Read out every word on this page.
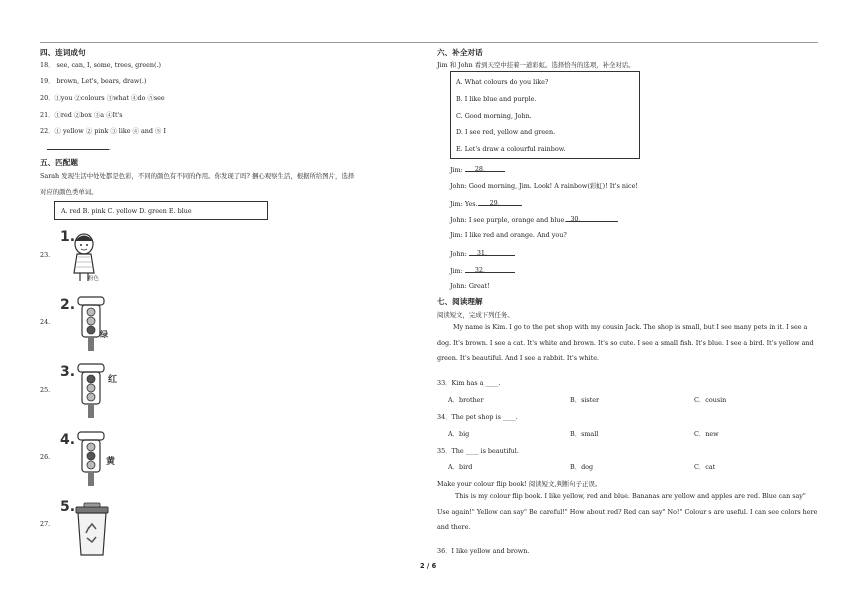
四、连词成句
18． see, can, I, some, trees, green(.)
19． brown, Let's, bears, draw(.)
20．①you ②colours ③what ④do ⑤see
21．①red ②box ③a ④It's
22．① yellow ② pink ③ like ④ and ⑤ I
.
五、匹配题
Sarah 发现生活中处处都是色彩，不同的颜色有不同的作用。你发现了吗? 捆心观察生活，根据所给图片，选择
对应的颜色类单词。
A. red B. pink C. yellow D. green E. blue
23.
24.
25.
26.
27.
1.
粉色
2.
绿
3.	红
4.
黄
5.
六、补全对话
Jim 和 John 看到天空中挂着一道彩虹。选择恰当的选项，补全对话。
A. What colours do you like?
B. I like blue and purple.
C. Good morning, John.
D. I see red, yellow and green.
E. Let's draw a colourful rainbow.
Jim: 28．
John: Good morning, Jim. Look! A rainbow(彩虹)! It's nice!
Jim: Yes. 29．
John: I see purple, orange and blue. 30．
Jim: I like red and orange. And you?
John: 31．
Jim: 32．
John: Great!
七、阅读理解
阅读短文，完成下列任务。
My name is Kim. I go to the pet shop with my cousin Jack. The shop is small, but I see many pets in it. I see a dog. It's brown. I see a cat. It's white and brown. It's so cute. I see a small fish. It's blue. I see a bird. It's yellow and green. It's beautiful. And I see a rabbit. It's white.
33．Kim has a ____.
A．brother	B．sister	C．cousin
34．The pet shop is ____.
A．big	B．small	C．new
35．The ____ is beautiful.
A．bird	B．dog	C．cat
Make your colour flip book! 阅读短文,判断句子正误。
This is my colour flip book. I like yellow, red and blue. Bananas are yellow and apples are red. Blue can say" Use again!" Yellow can say" Be careful!" How about red? Red can say" No!" Colour s are useful. I can see colors here and there.
36．I like yellow and brown.
2 / 6
